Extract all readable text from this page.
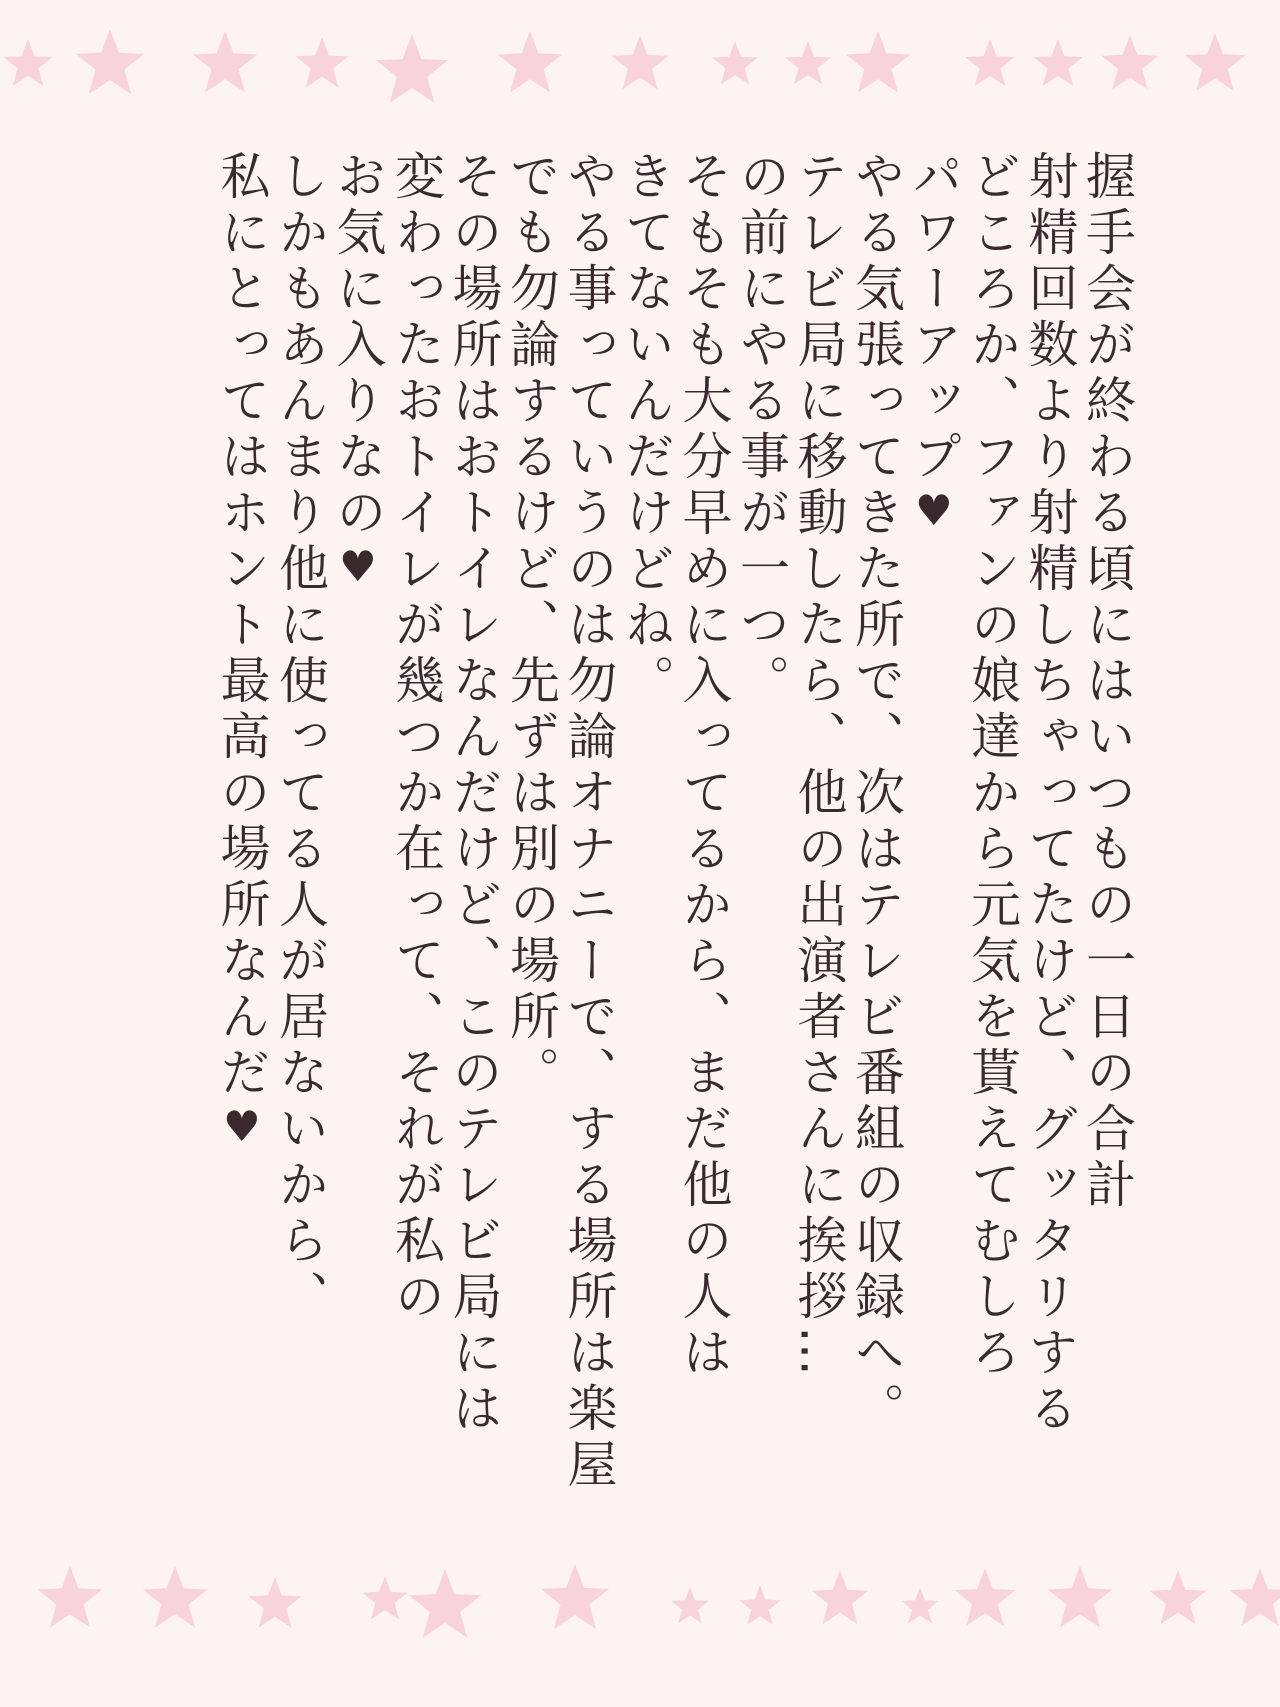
握手会が終わる頃にはいつもの一日の合計
射精回数より射精しちゃってたけど、グッタリする
どころか、ファンの娘達から元気を貰えてむしろ
パワーアップ♥
やる気張ってきた所で、次はテレビ番組の収録へ。
テレビ局に移動したら、他の出演者さんに挨拶…
の前にやる事が一つ。
そもそも大分早めに入ってるから、まだ他の人は
きてないんだけどね。
やる事っていうのは勿論オナニーで、する場所は楽屋
でも勿論するけど、先ずは別の場所。
その場所はおトイレなんだけど、このテレビ局には
変わったおトイレが幾つか在って、それが私の
お気に入りなの♥
しかもあんまり他に使ってる人が居ないから、
私にとってはホント最高の場所なんだ♥
